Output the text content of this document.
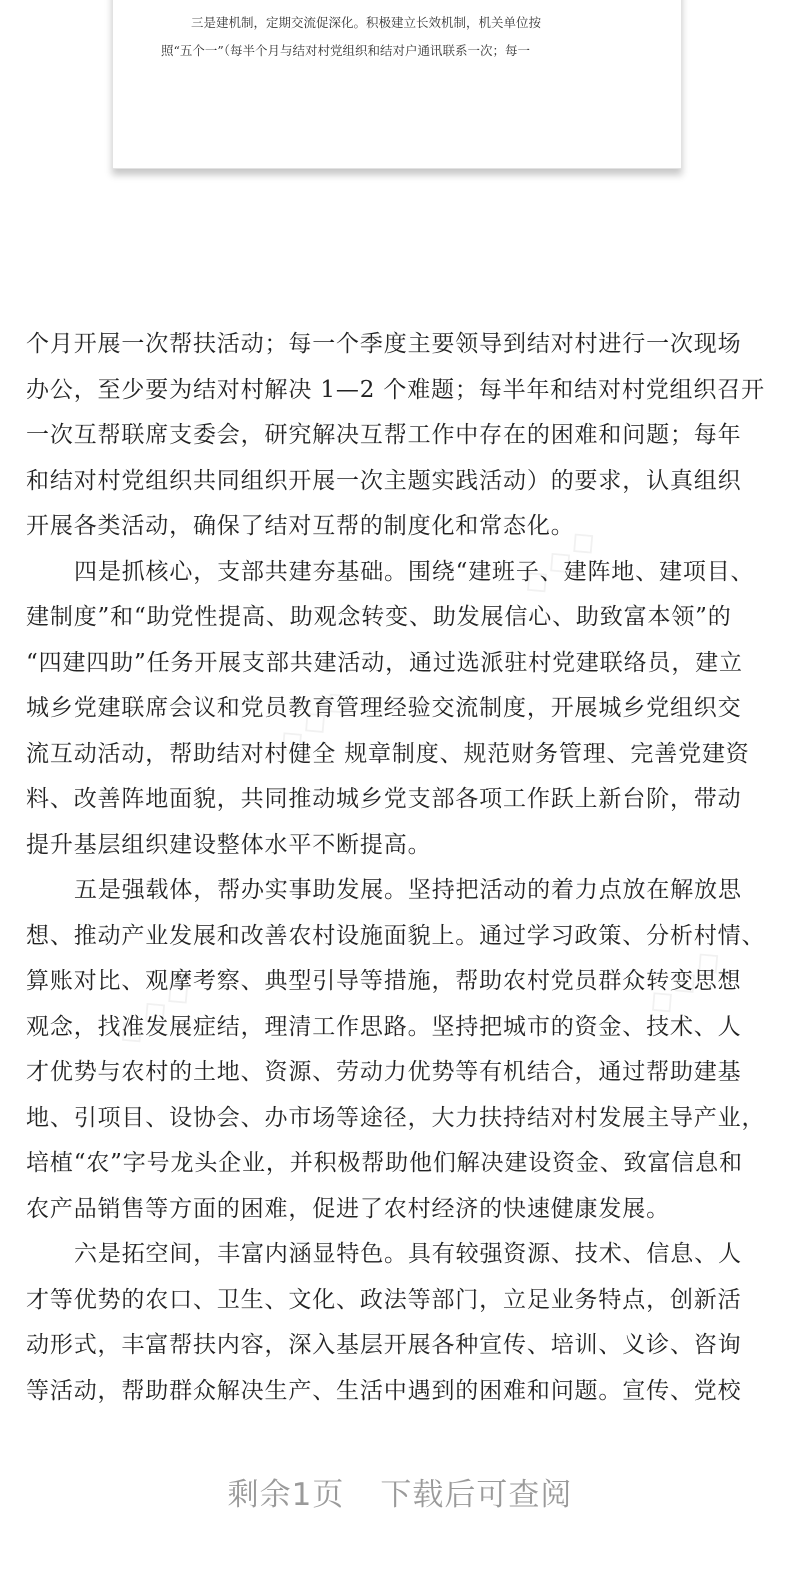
三是建机制，定期交流促深化。积极建立长效机制，机关单位按
照“五个一”（每半个月与结对村党组织和结对户通讯联系一次；每一
◇◇◇
◇◇◇
◇◇◇
◇◇◇

个月开展一次帮扶活动；每一个季度主要领导到结对村进行一次现场
办公，至少要为结对村解决 1—2 个难题；每半年和结对村党组织召开
一次互帮联席支委会，研究解决互帮工作中存在的困难和问题；每年
和结对村党组织共同组织开展一次主题实践活动）的要求，认真组织
开展各类活动，确保了结对互帮的制度化和常态化。

四是抓核心，支部共建夯基础。围绕“建班子、建阵地、建项目、
建制度”和“助党性提高、助观念转变、助发展信心、助致富本领”的
“四建四助”任务开展支部共建活动，通过选派驻村党建联络员，建立
城乡党建联席会议和党员教育管理经验交流制度，开展城乡党组织交
流互动活动，帮助结对村健全 规章制度、规范财务管理、完善党建资
料、改善阵地面貌，共同推动城乡党支部各项工作跃上新台阶，带动
提升基层组织建设整体水平不断提高。

五是强载体，帮办实事助发展。坚持把活动的着力点放在解放思
想、推动产业发展和改善农村设施面貌上。通过学习政策、分析村情、
算账对比、观摩考察、典型引导等措施，帮助农村党员群众转变思想
观念，找准发展症结，理清工作思路。坚持把城市的资金、技术、人
才优势与农村的土地、资源、劳动力优势等有机结合，通过帮助建基
地、引项目、设协会、办市场等途径，大力扶持结对村发展主导产业，
培植“农”字号龙头企业，并积极帮助他们解决建设资金、致富信息和
农产品销售等方面的困难，促进了农村经济的快速健康发展。

六是拓空间，丰富内涵显特色。具有较强资源、技术、信息、人
才等优势的农口、卫生、文化、政法等部门，立足业务特点，创新活
动形式，丰富帮扶内容，深入基层开展各种宣传、培训、义诊、咨询
等活动，帮助群众解决生产、生活中遇到的困难和问题。宣传、党校

剩余1页 下载后可查阅
